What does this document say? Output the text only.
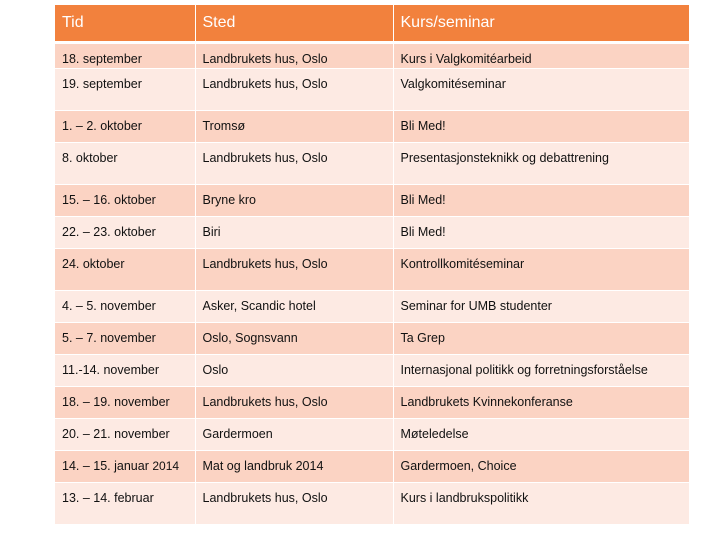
Tid	Sted	Kurs/seminar
18. september	Landbrukets hus, Oslo	Kurs i Valgkomitéarbeid
19. september	Landbrukets hus, Oslo	Valgkomitéseminar
1. – 2. oktober	Tromsø	Bli Med!
8. oktober	Landbrukets hus, Oslo	Presentasjonsteknikk og debattrening
15. – 16. oktober	Bryne kro	Bli Med!
22. – 23. oktober	Biri	Bli Med!
24. oktober	Landbrukets hus, Oslo	Kontrollkomitéseminar
4. – 5. november	Asker, Scandic hotel	Seminar for UMB studenter
5. – 7. november	Oslo, Sognsvann	Ta Grep
11.-14. november	Oslo	Internasjonal politikk og forretningsforståelse
18. – 19. november	Landbrukets hus, Oslo	Landbrukets Kvinnekonferanse
20. – 21. november	Gardermoen	Møteledelse
14. – 15. januar 2014	Mat og landbruk 2014	Gardermoen, Choice
13. – 14. februar	Landbrukets hus, Oslo	Kurs i landbrukspolitikk
